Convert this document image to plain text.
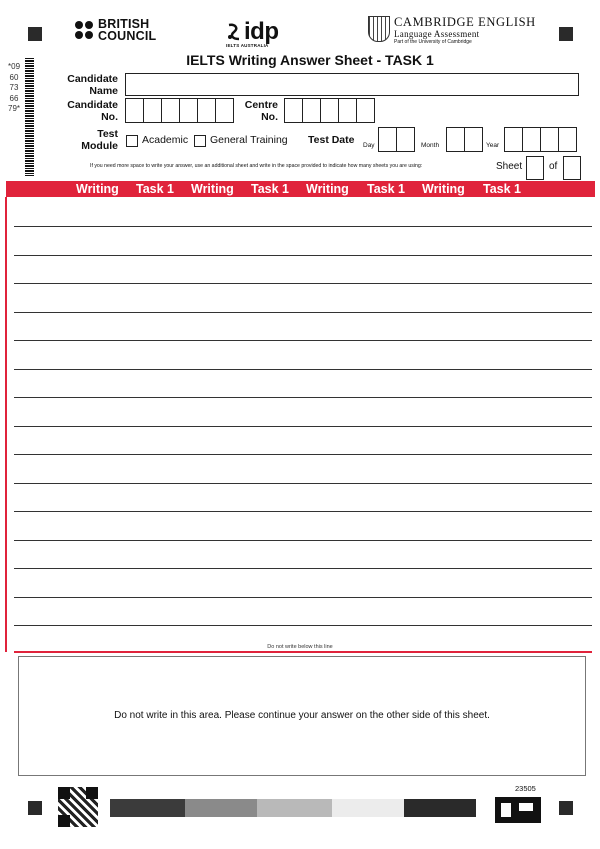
BRITISH
COUNCIL	idp
IELTS AUSTRALIA
CAMBRIDGE ENGLISH
Language Assessment
Part of the University of Cambridge
IELTS Writing Answer Sheet - TASK 1
*0960736679*
Candidate
Name
Candidate
No.
Centre
No.
Test
Module Academic General Training Test Date Day	Month	Year
If you need more space to write your answer, use an additional sheet and write in the space provided to indicate how many sheets you are using:	Sheet	of
Writing Task 1 Writing Task 1 Writing Task 1 Writing Task 1
Do not write below this line
Do not write in this area. Please continue your answer on the other side of this sheet.
23505
